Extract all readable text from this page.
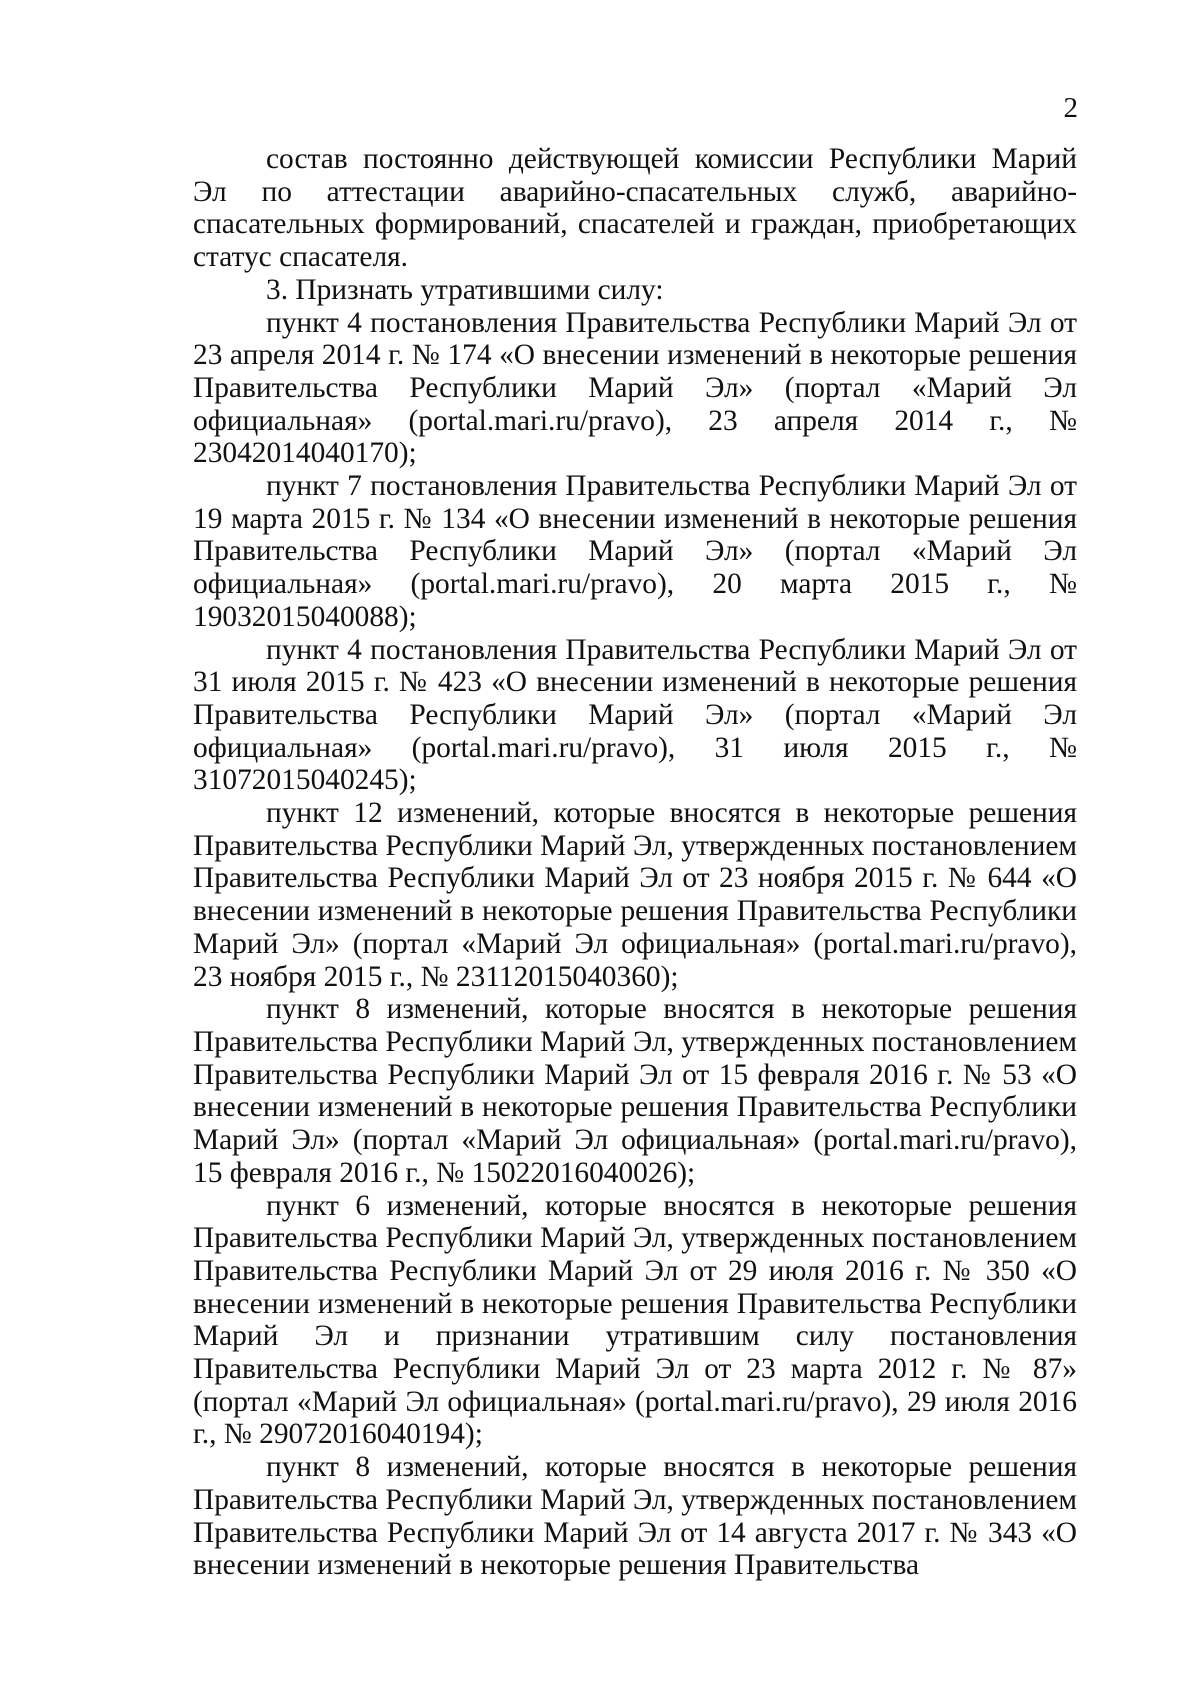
2

состав постоянно действующей комиссии Республики Марий Эл по аттестации аварийно-спасательных служб, аварийно-спасательных формирований, спасателей и граждан, приобретающих статус спасателя.

3. Признать утратившими силу:

пункт 4 постановления Правительства Республики Марий Эл от 23 апреля 2014 г. № 174 «О внесении изменений в некоторые решения Правительства Республики Марий Эл» (портал «Марий Эл официальная» (portal.mari.ru/pravo), 23 апреля 2014 г., № 23042014040170);

пункт 7 постановления Правительства Республики Марий Эл от 19 марта 2015 г. № 134 «О внесении изменений в некоторые решения Правительства Республики Марий Эл» (портал «Марий Эл официальная» (portal.mari.ru/pravo), 20 марта 2015 г., № 19032015040088);

пункт 4 постановления Правительства Республики Марий Эл от 31 июля 2015 г. № 423 «О внесении изменений в некоторые решения Правительства Республики Марий Эл» (портал «Марий Эл официальная» (portal.mari.ru/pravo), 31 июля 2015 г., № 31072015040245);

пункт 12 изменений, которые вносятся в некоторые решения Правительства Республики Марий Эл, утвержденных постановлением Правительства Республики Марий Эл от 23 ноября 2015 г. № 644 «О внесении изменений в некоторые решения Правительства Республики Марий Эл» (портал «Марий Эл официальная» (portal.mari.ru/pravo), 23 ноября 2015 г., № 23112015040360);

пункт 8 изменений, которые вносятся в некоторые решения Правительства Республики Марий Эл, утвержденных постановлением Правительства Республики Марий Эл от 15 февраля 2016 г. № 53 «О внесении изменений в некоторые решения Правительства Республики Марий Эл» (портал «Марий Эл официальная» (portal.mari.ru/pravo), 15 февраля 2016 г., № 15022016040026);

пункт 6 изменений, которые вносятся в некоторые решения Правительства Республики Марий Эл, утвержденных постановлением Правительства Республики Марий Эл от 29 июля 2016 г. № 350 «О внесении изменений в некоторые решения Правительства Республики Марий Эл и признании утратившим силу постановления Правительства Республики Марий Эл от 23 марта 2012 г. № 87» (портал «Марий Эл официальная» (portal.mari.ru/pravo), 29 июля 2016 г., № 29072016040194);

пункт 8 изменений, которые вносятся в некоторые решения Правительства Республики Марий Эл, утвержденных постановлением Правительства Республики Марий Эл от 14 августа 2017 г. № 343 «О внесении изменений в некоторые решения Правительства
